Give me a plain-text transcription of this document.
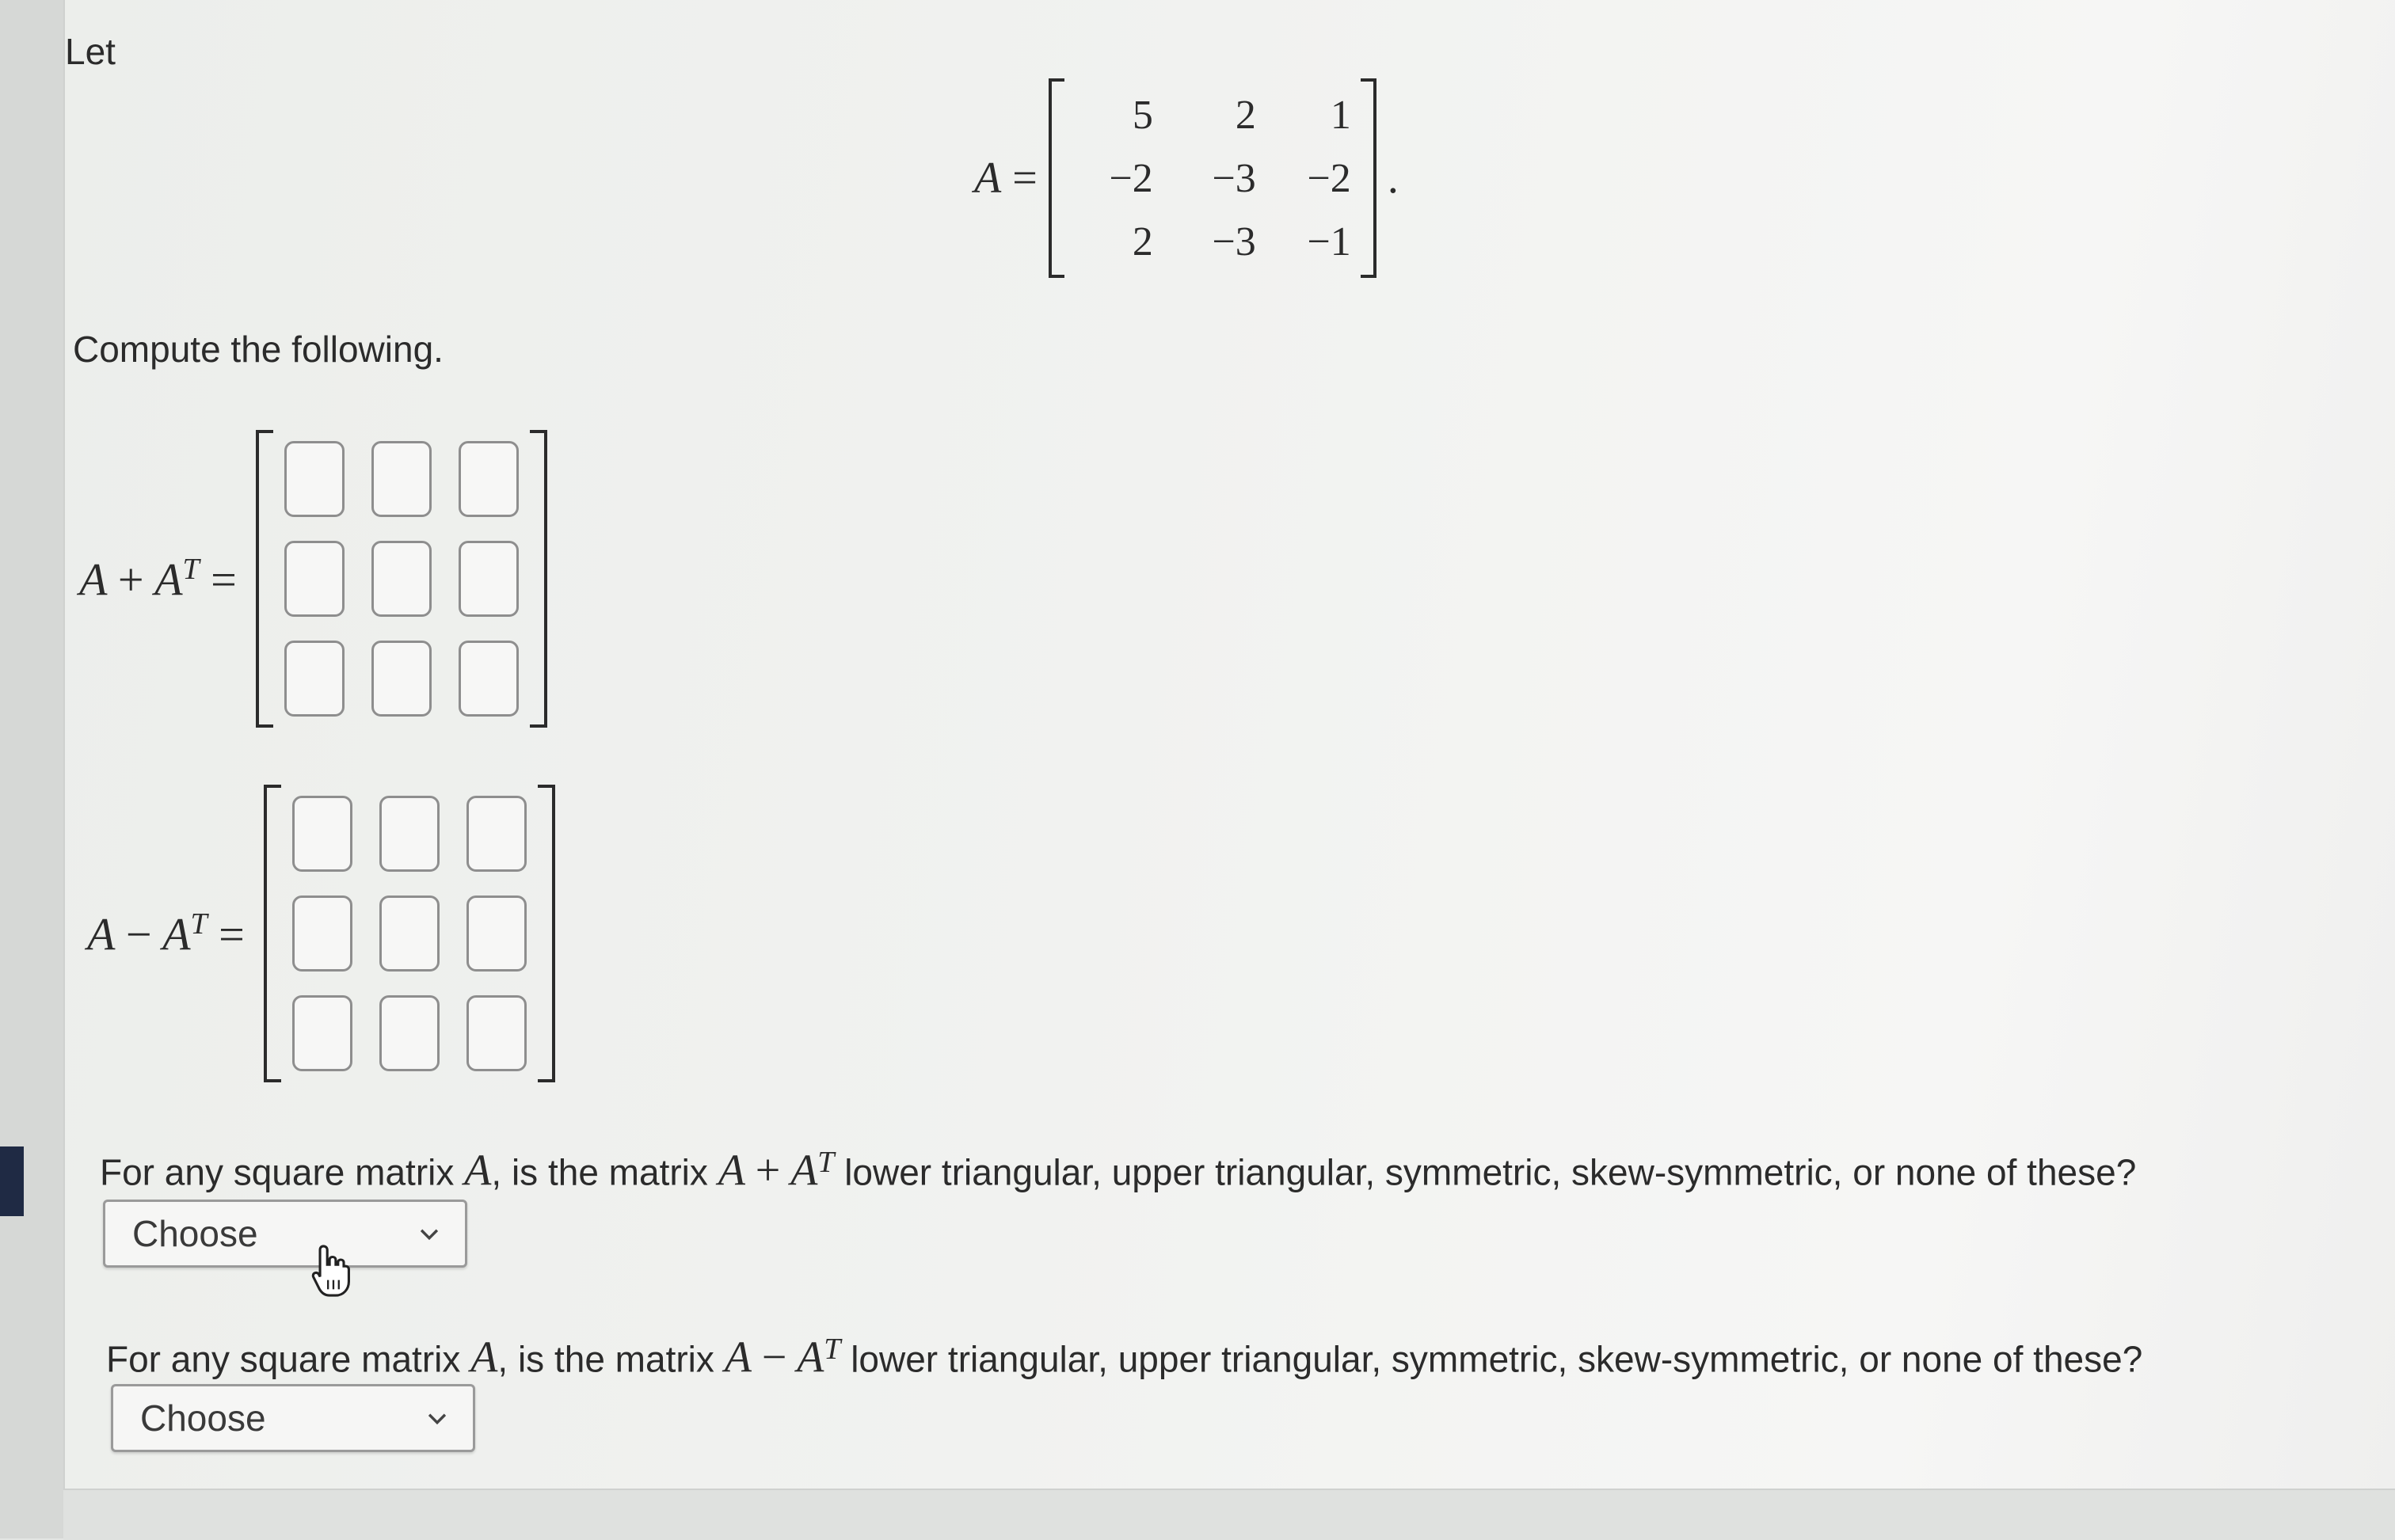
Let
A =
5	2	1
−2	−3	−2
2	−3	−1
.
Compute the following.
$A + A^T$ =
$A - A^T$ =
For any square matrix A, is the matrix $A + A^T$ lower triangular, upper triangular, symmetric, skew-symmetric, or none of these?
Choose
For any square matrix A, is the matrix $A - A^T$ lower triangular, upper triangular, symmetric, skew-symmetric, or none of these?
Choose
